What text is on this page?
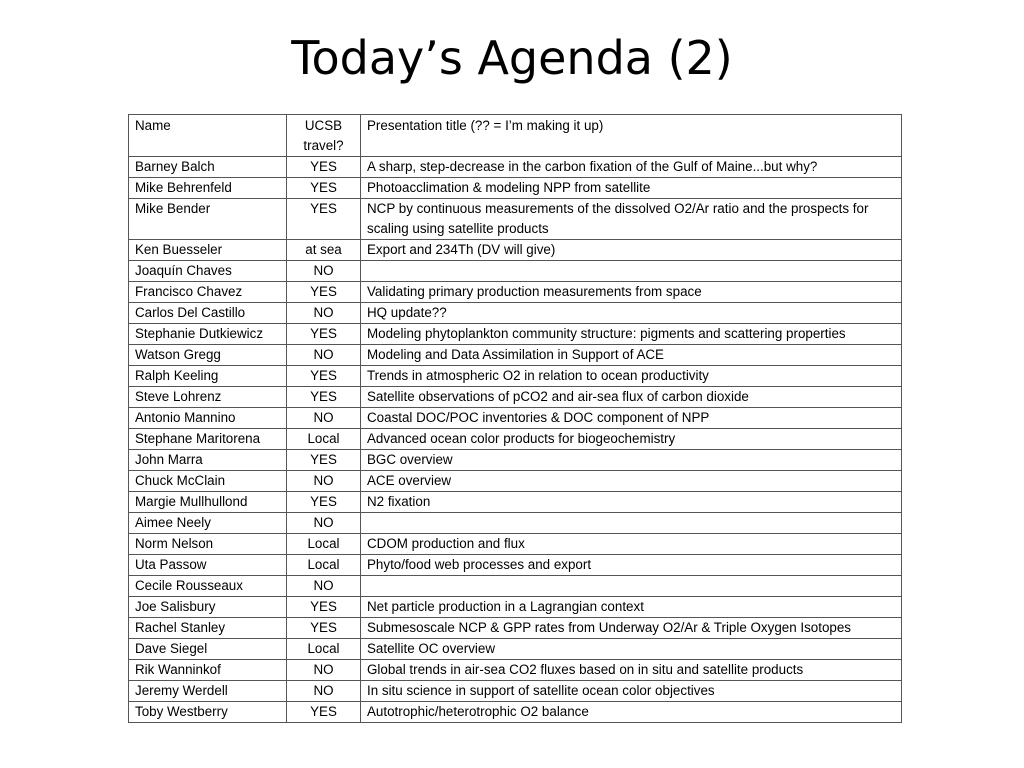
Today’s Agenda (2)
Name	UCSB travel?	Presentation title (?? = I’m making it up)
Barney Balch	YES	A sharp, step-decrease in the carbon fixation of the Gulf of Maine...but why?
Mike Behrenfeld	YES	Photoacclimation & modeling NPP from satellite
Mike Bender	YES	NCP by continuous measurements of the dissolved O2/Ar ratio and the prospects for scaling using satellite products
Ken Buesseler	at sea	Export and 234Th (DV will give)
Joaquín Chaves	NO	
Francisco Chavez	YES	Validating primary production measurements from space
Carlos Del Castillo	NO	HQ update??
Stephanie Dutkiewicz	YES	Modeling phytoplankton community structure: pigments and scattering properties
Watson Gregg	NO	Modeling and Data Assimilation in Support of ACE
Ralph Keeling	YES	Trends in atmospheric O2 in relation to ocean productivity
Steve Lohrenz	YES	Satellite observations of pCO2 and air-sea flux of carbon dioxide
Antonio Mannino	NO	Coastal DOC/POC inventories & DOC component of NPP
Stephane Maritorena	Local	Advanced ocean color products for biogeochemistry
John Marra	YES	BGC overview
Chuck McClain	NO	ACE overview
Margie Mullhullond	YES	N2 fixation
Aimee Neely	NO	
Norm Nelson	Local	CDOM production and flux
Uta Passow	Local	Phyto/food web processes and export
Cecile Rousseaux	NO	
Joe Salisbury	YES	Net particle production in a Lagrangian context
Rachel Stanley	YES	Submesoscale NCP & GPP rates from Underway O2/Ar & Triple Oxygen Isotopes
Dave Siegel	Local	Satellite OC overview
Rik Wanninkof	NO	Global trends in air-sea CO2 fluxes based on in situ and satellite products
Jeremy Werdell	NO	In situ science in support of satellite ocean color objectives
Toby Westberry	YES	Autotrophic/heterotrophic O2 balance
